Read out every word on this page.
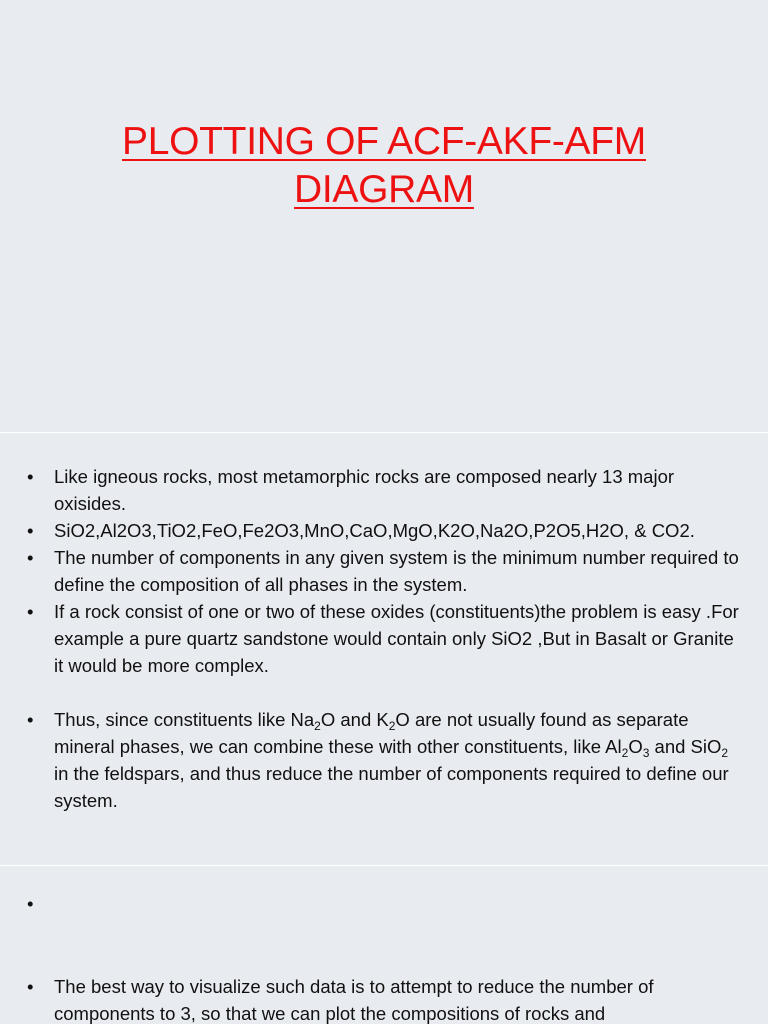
PLOTTING OF ACF-AKF-AFM
DIAGRAM
• Like igneous rocks, most metamorphic rocks are composed nearly 13 major oxisides.
• SiO2,Al2O3,TiO2,FeO,Fe2O3,MnO,CaO,MgO,K2O,Na2O,P2O5,H2O, & CO2.
• The number of components in any given system is the minimum number required to define the composition of all phases in the system.
• If a rock consist of one or two of these oxides (constituents)the problem is easy .For example a pure quartz sandstone would contain only SiO2 ,But in Basalt or Granite it would be more complex.
• Thus, since constituents like $Na_2O$ and $K_2O$ are not usually found as separate mineral phases, we can combine these with other constituents, like $Al_2O_3$ and SiO$_2$ in the feldspars, and thus reduce the number of components required to define our system.
•
• The best way to visualize such data is to attempt to reduce the number of components to 3, so that we can plot the compositions of rocks and
